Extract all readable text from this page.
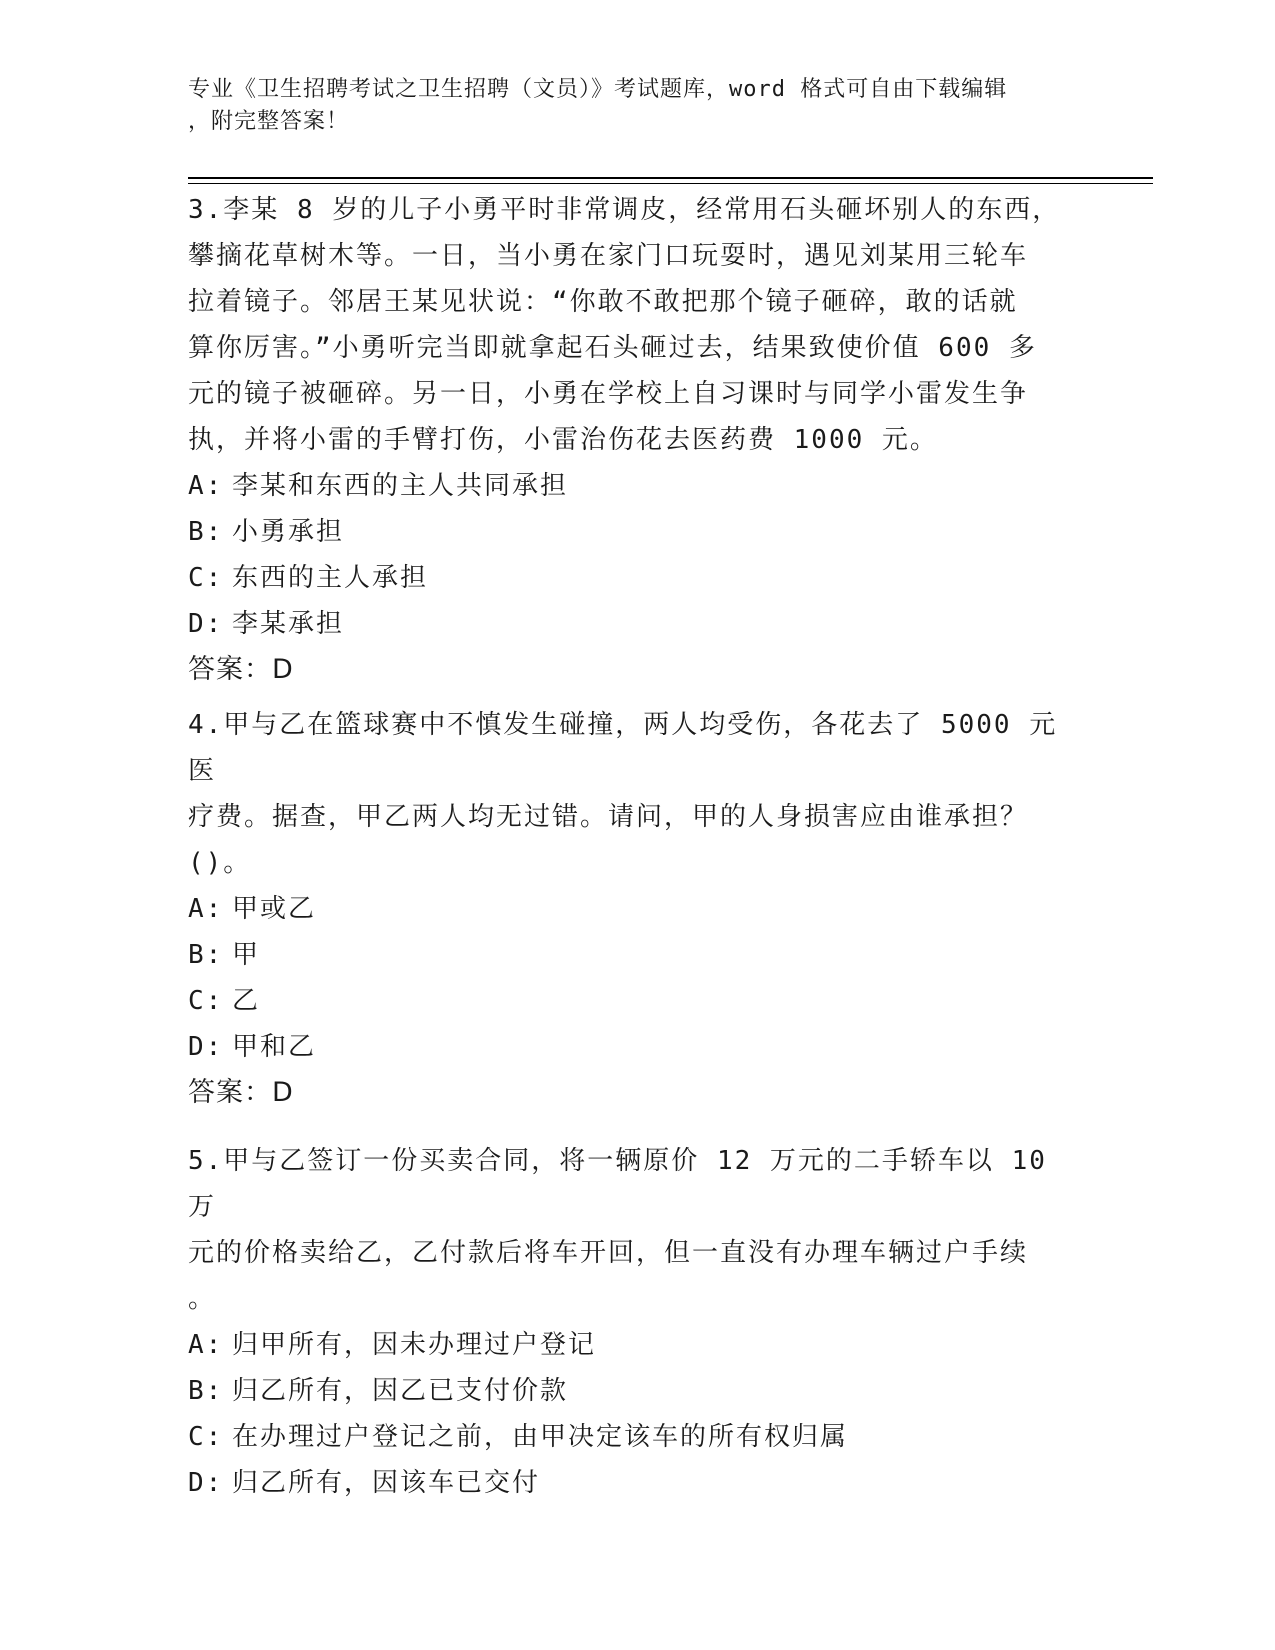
专业《卫生招聘考试之卫生招聘（文员）》考试题库，word 格式可自由下载编辑
，附完整答案！

3.李某 8 岁的儿子小勇平时非常调皮，经常用石头砸坏别人的东西，

攀摘花草树木等。一日，当小勇在家门口玩耍时，遇见刘某用三轮车

拉着镜子。邻居王某见状说：“你敢不敢把那个镜子砸碎，敢的话就

算你厉害。”小勇听完当即就拿起石头砸过去，结果致使价值 600 多

元的镜子被砸碎。另一日，小勇在学校上自习课时与同学小雷发生争

执，并将小雷的手臂打伤，小雷治伤花去医药费 1000 元。

A: 李某和东西的主人共同承担

B: 小勇承担

C: 东西的主人承担

D: 李某承担

答案：D

4.甲与乙在篮球赛中不慎发生碰撞，两人均受伤，各花去了 5000 元医

疗费。据查，甲乙两人均无过错。请问，甲的人身损害应由谁承担？

()。

A: 甲或乙

B: 甲

C: 乙

D: 甲和乙

答案：D

5.甲与乙签订一份买卖合同，将一辆原价 12 万元的二手轿车以 10 万

元的价格卖给乙，乙付款后将车开回，但一直没有办理车辆过户手续

。

A: 归甲所有，因未办理过户登记

B: 归乙所有，因乙已支付价款

C: 在办理过户登记之前，由甲决定该车的所有权归属

D: 归乙所有，因该车已交付
